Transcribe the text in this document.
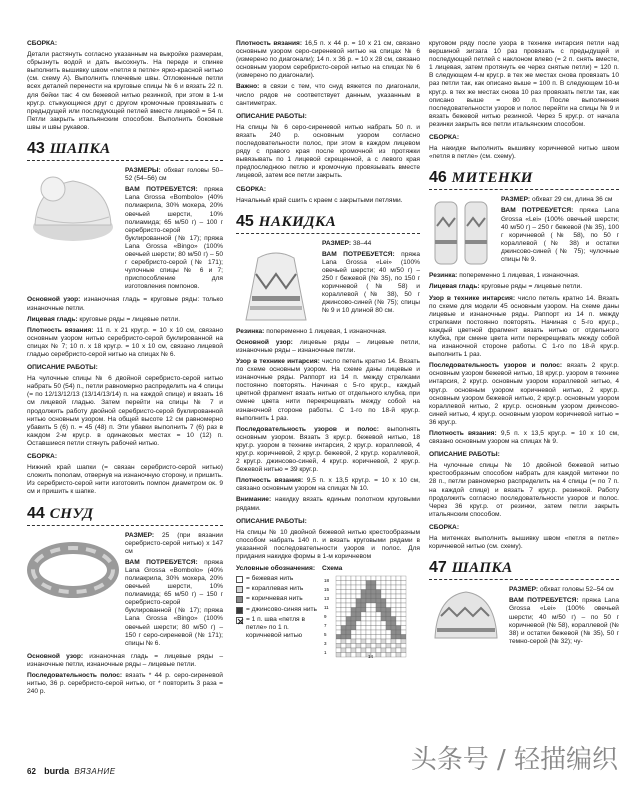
СБОРКА:

Детали растянуть согласно указанным на выкройке размерам, сбрызнуть водой и дать высохнуть. На переде и спинке выполнить вышивку швом «петля в петле» ярко-красной нитью (см. схему А). Выполнить плечевые швы. Отложенные петли всех деталей перенести на круговые спицы № 6 и вязать 22 п. для бейки так: 4 см бежевой нитью резинкой, при этом в 1-м круг.р. стыкующиеся друг с другом кромочные провязывать с предыдущей или последующей петлей вместе лицевой = 54 п. Петли закрыть итальянским способом. Выполнить боковые швы и швы рукавов.

43 ШАПКА

РАЗМЕРЫ: обхват головы 50–52 (54–56) см

ВАМ ПОТРЕБУЕТСЯ: пряжа Lana Grossa «Bombolo» (40% полиакрила, 30% мохера, 20% овечьей шерсти, 10% полиамида; 65 м/50 г) – 100 г серебристо-серой буклированной (№ 17); пряжа Lana Grossa «Bingo» (100% овечьей шерсти; 80 м/50 г) – 50 г серебристо-серой (№ 171); чулочные спицы № 6 и 7; приспособление для изготовления помпонов.

Основной узор: изнаночная гладь = круговые ряды: только изнаночные петли.

Лицевая гладь: круговые ряды = лицевые петли.

Плотность вязания: 11 п. х 21 круг.р. = 10 х 10 см, связано основным узором нитью серебристо-серой буклированной на спицах № 7; 10 п. х 18 круг.р. = 10 х 10 см, связано лицевой гладью серебристо-серой нитью на спицах № 6.

ОПИСАНИЕ РАБОТЫ:

На чулочные спицы № 6 двойной серебристо-серой нитью набрать 50 (54) п., петли равномерно распределить на 4 спицы (= по 12/13/12/13 (13/14/13/14) п. на каждой спице) и вязать 16 см лицевой гладью. Затем перейти на спицы № 7 и продолжить работу двойной серебристо-серой буклированной нитью основным узором. На общей высоте 12 см равномерно убавить 5 (6) п. = 45 (48) п. Эти убавки выполнить 7 (6) раз в каждом 2-м круг.р. в одинаковых местах = 10 (12) п. Оставшиеся петли стянуть рабочей нитью.

СБОРКА:

Нижний край шапки (= связан серебристо-серой нитью) сложить пополам, отвернув на изнаночную сторону, и пришить. Из серебристо-серой нити изготовить помпон диаметром ок. 9 см и пришить к шапке.

44 СНУД

РАЗМЕР: 25 (при вязании серебристо-серой нитью) х 147 см

ВАМ ПОТРЕБУЕТСЯ: пряжа Lana Grossa «Bombolo» (40% полиакрила, 30% мохера, 20% овечьей шерсти, 10% полиамида; 65 м/50 г) – 150 г серебристо-серой буклированной (№ 17); пряжа Lana Grossa «Bingo» (100% овечьей шерсти; 80 м/50 г) – 150 г серо-сиреневой (№ 171); спицы № 6.

Основной узор: изнаночная гладь = лицевые ряды – изнаночные петли, изнаночные ряды – лицевые петли.

Последовательность полос: вязать * 44 р. серо-сиреневой нитью, 36 р. серебристо-серой нитью, от * повторить 3 раза = 240 р.

Плотность вязания: 16,5 п. х 44 р. = 10 х 21 см, связано основным узором серо-сиреневой нитью на спицах № 6 (измерено по диагонали); 14 п. х 36 р. = 10 х 28 см, связано основным узором серебристо-серой нитью на спицах № 6 (измерено по диагонали).

Важно: в связи с тем, что снуд вяжется по диагонали, число рядов не соответствует данным, указанным в сантиметрах.

ОПИСАНИЕ РАБОТЫ:

На спицы № 6 серо-сиреневой нитью набрать 50 п. и вязать 240 р. основным узором согласно последовательности полос, при этом в каждом лицевом ряду с правого края после кромочной из протяжки вывязывать по 1 лицевой скрещенной, а с левого края предпоследнюю петлю и кромочную провязывать вместе лицевой, затем все петли закрыть.

СБОРКА:

Начальный край сшить с краем с закрытыми петлями.

45 НАКИДКА

РАЗМЕР: 38–44

ВАМ ПОТРЕБУЕТСЯ: пряжа Lana Grossa «Lei» (100% овечьей шерсти; 40 м/50 г) – 250 г бежевой (№ 35), по 150 г коричневой (№ 58) и кораллевой (№ 38), 50 г джинсово-синей (№ 75); спицы № 9 и 10 длиной 80 см.

Резинка: попеременно 1 лицевая, 1 изнаночная.

Основной узор: лицевые ряды – лицевые петли, изнаночные ряды – изнаночные петли.

Узор в технике интарсия: число петель кратно 14. Вязать по схеме основным узором. На схеме даны лицевые и изнаночные ряды. Раппорт из 14 п. между стрелками постоянно повторять. Начиная с 5-го круг.р., каждый цветной фрагмент вязать нитью от отдельного клубка, при смене цвета нити перекрещивать между собой на изнаночной стороне работы. С 1-го по 18-й круг.р. выполнить 1 раз.

Последовательность узоров и полос: выполнять основным узором. Вязать 3 круг.р. бежевой нитью, 18 круг.р. узором в технике интарсия, 2 круг.р. кораллевой, 4 круг.р. коричневой, 2 круг.р. бежевой, 2 круг.р. кораллевой, 2 круг.р. джинсово-синей, 4 круг.р. коричневой, 2 круг.р. бежевой нитью = 39 круг.р.

Плотность вязания: 9,5 п. х 13,5 круг.р. = 10 х 10 см, связано основным узором на спицах № 10.

Внимание: накидку вязать единым полотном круговыми рядами.

ОПИСАНИЕ РАБОТЫ:

На спицы № 10 двойной бежевой нитью крестообразным способом набрать 140 п. и вязать круговыми рядами в указанной последовательности узоров и полос. Для придания накидке формы в 1-м коричневом

Условные обозначения:
= бежевая нить
= кораллевая нить
= коричневая нить
= джинсово-синяя нить
= 1 п. шва «петля в петле» по 1 п. коричневой нитью
Схема
18
15
13
11
9
7
5
3
1
14

круговом ряду после узора в технике интарсия петли над вершиной зигзага 10 раз провязать с предыдущей и последующей петлей с наклоном влево (= 2 п. снять вместе, 1 лицевая, затем протянуть ее через снятые петли) = 120 п. В следующем 4-м круг.р. в тех же местах снова провязать 10 раз петли так, как описано выше = 100 п. В следующем 10-м круг.р. в тех же местах снова 10 раз провязать петли так, как описано выше = 80 п. После выполнения последовательности узоров и полос перейти на спицы № 9 и вязать бежевой нитью резинкой. Через 5 круг.р. от начала резинки закрыть все петли итальянским способом.

СБОРКА:

На накидке выполнить вышивку коричневой нитью швом «петля в петле» (см. схему).

46 МИТЕНКИ

РАЗМЕР: обхват 29 см, длина 36 см

ВАМ ПОТРЕБУЕТСЯ: пряжа Lana Grossa «Lei» (100% овечьей шерсти; 40 м/50 г) – 250 г бежевой (№ 35), 100 г коричневой (№ 58), по 50 г кораллевой (№ 38) и остатки джинсово-синей (№ 75); чулочные спицы № 9.

Резинка: попеременно 1 лицевая, 1 изнаночная.

Лицевая гладь: круговые ряды = лицевые петли.

Узор в технике интарсия: число петель кратно 14. Вязать по схеме для модели 45 основным узором. На схеме даны лицевые и изнаночные ряды. Раппорт из 14 п. между стрелками постоянно повторять. Начиная с 5-го круг.р., каждый цветной фрагмент вязать нитью от отдельного клубка, при смене цвета нити перекрещивать между собой на изнаночной стороне работы. С 1-го по 18-й круг.р. выполнить 1 раз.

Последовательность узоров и полос: вязать 2 круг.р. основным узором бежевой нитью, 18 круг.р. узором в технике интарсия, 2 круг.р. основным узором кораллевой нитью, 4 круг.р. основным узором коричневой нитью, 2 круг.р. основным узором бежевой нитью, 2 круг.р. основным узором кораллевой нитью, 2 круг.р. основным узором джинсово-синей нитью, 4 круг.р. основным узором коричневой нитью = 36 круг.р.

Плотность вязания: 9,5 п. х 13,5 круг.р. = 10 х 10 см, связано основным узором на спицах № 9.

ОПИСАНИЕ РАБОТЫ:

На чулочные спицы № 10 двойной бежевой нитью крестообразным способом набрать для каждой митенки по 28 п., петли равномерно распределить на 4 спицы (= по 7 п. на каждой спице) и вязать 7 круг.р. резинкой. Работу продолжить согласно последовательности узоров и полос. Через 36 круг.р. от резинки, затем петли закрыть итальянским способом.

СБОРКА:

На митенках выполнить вышивку швом «петля в петле» коричневой нитью (см. схему).

47 ШАПКА

РАЗМЕР: обхват головы 52–54 см

ВАМ ПОТРЕБУЕТСЯ: пряжа Lana Grossa «Lei» (100% овечьей шерсти; 40 м/50 г) – по 50 г коричневой (№ 58), кораллевой (№ 38) и остатки бежевой (№ 35), 50 г темно-серой (№ 32); чу-

62 burda ВЯЗАНИЕ	头条号 / 轻描编织
